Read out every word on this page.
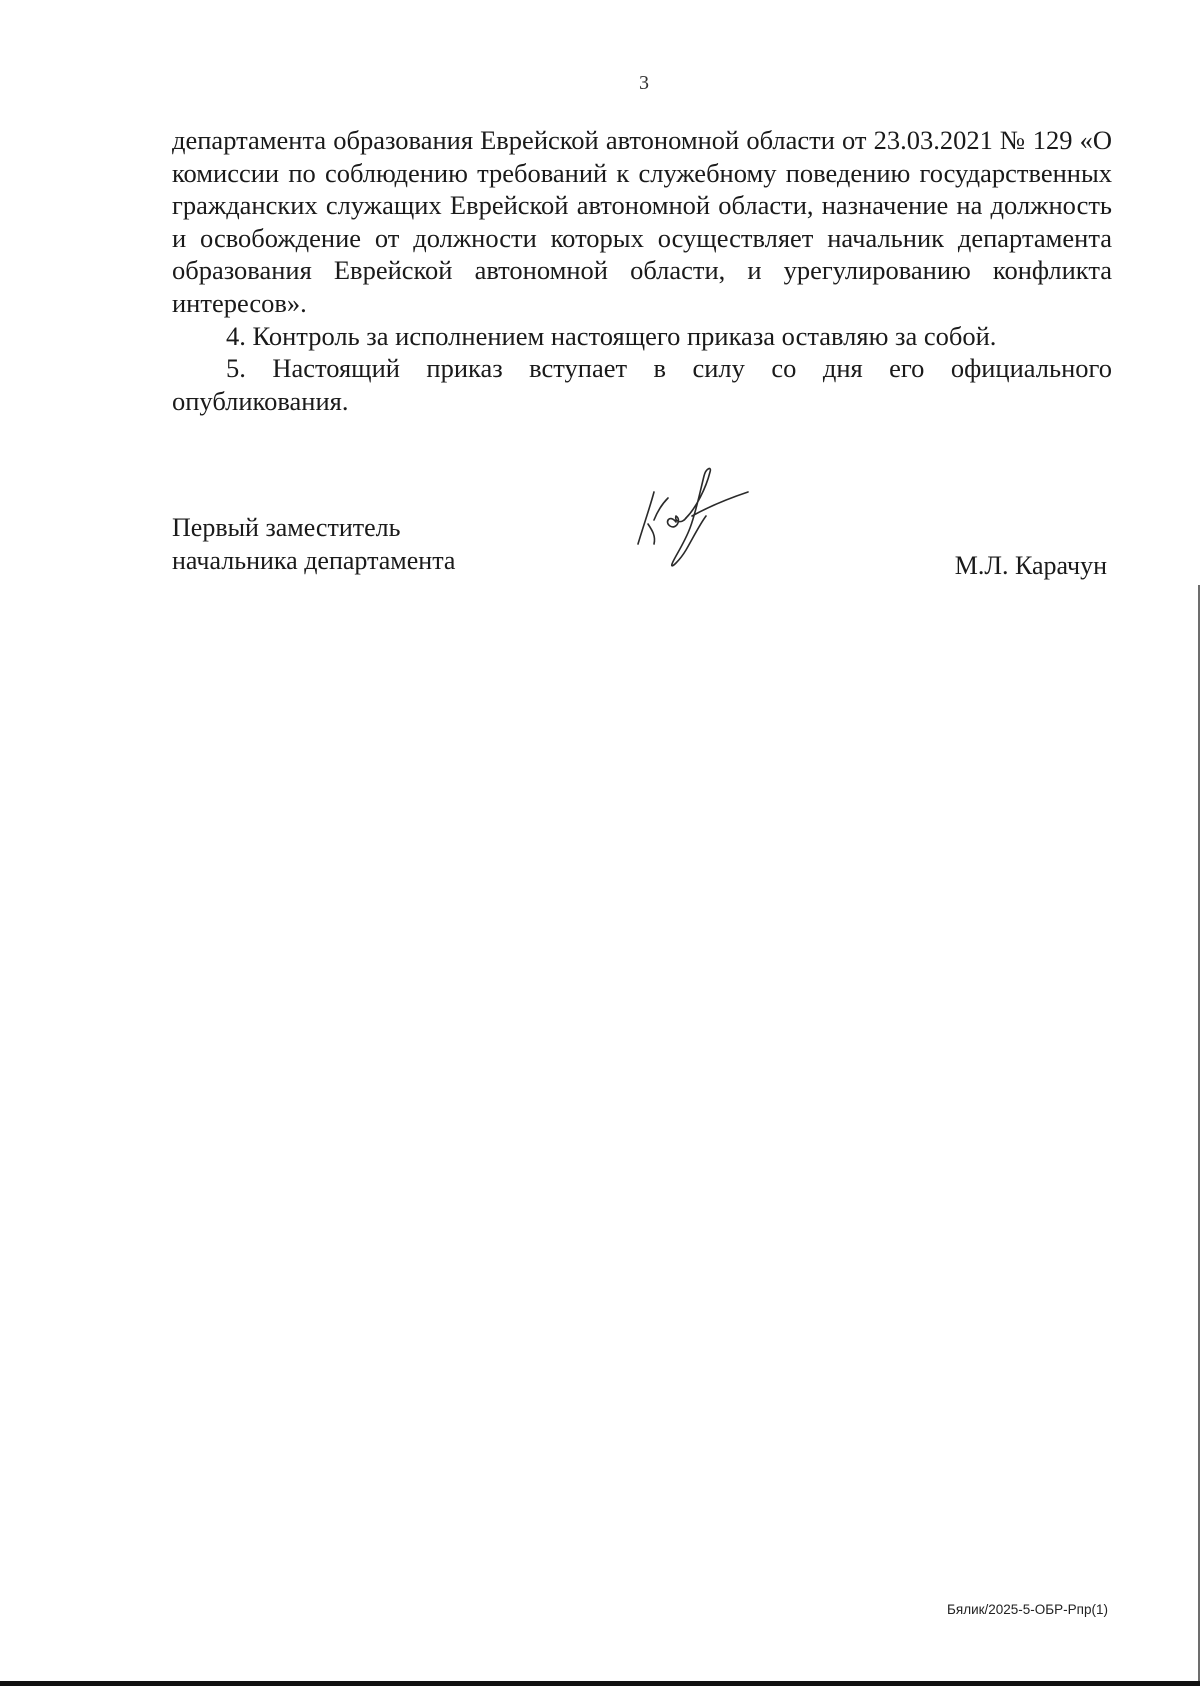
3

департамента образования Еврейской автономной области от 23.03.2021 № 129 «О комиссии по соблюдению требований к служебному поведению государственных гражданских служащих Еврейской автономной области, назначение на должность и освобождение от должности которых осуществляет начальник департамента образования Еврейской автономной области, и урегулированию конфликта интересов».

4. Контроль за исполнением настоящего приказа оставляю за собой.

5. Настоящий приказ вступает в силу со дня его официального опубликования.

Первый заместитель
начальника департамента	М.Л. Карачун
Бялик/2025-5-ОБР-Рпр(1)
